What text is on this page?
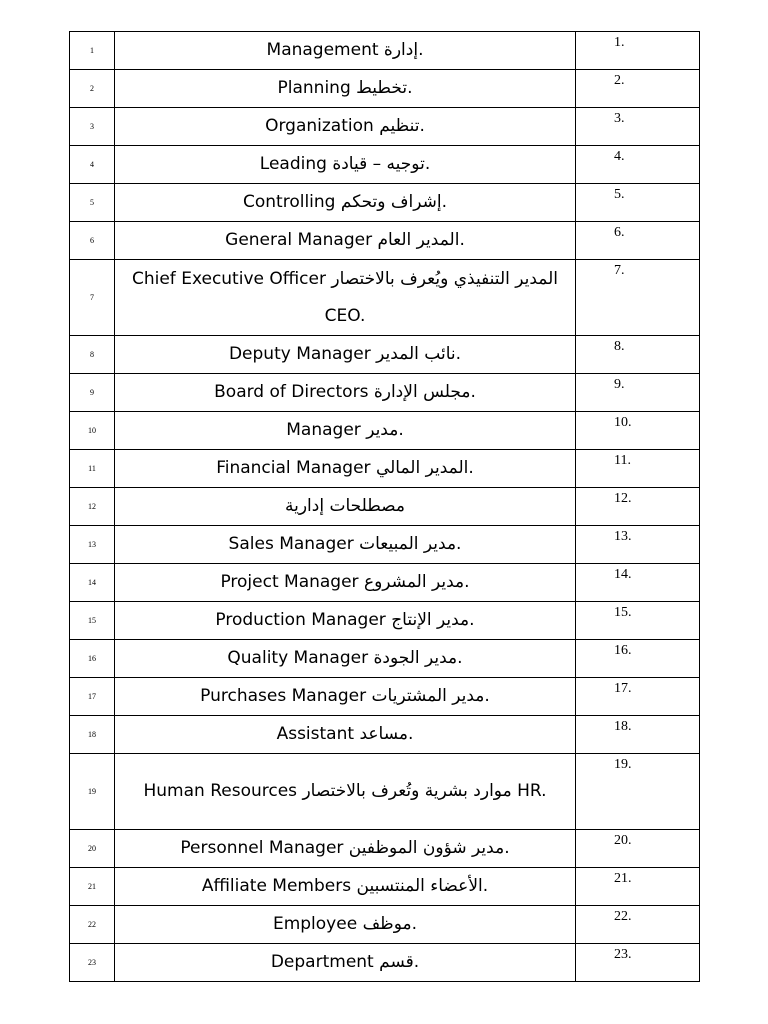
1	Management إدارة.	1.
2	Planning تخطيط.	2.
3	Organization تنظيم.	3.
4	Leading توجيه – قيادة.	4.
5	Controlling إشراف وتحكم.	5.
6	General Manager المدير العام.	6.
7	Chief Executive Officer المدير التنفيذي ويُعرف بالاختصار CEO.	7.
8	Deputy Manager نائب المدير.	8.
9	Board of Directors مجلس الإدارة.	9.
10	Manager مدير.	10.
11	Financial Manager المدير المالي.	11.
12	مصطلحات إدارية	12.
13	Sales Manager مدير المبيعات.	13.
14	Project Manager مدير المشروع.	14.
15	Production Manager مدير الإنتاج.	15.
16	Quality Manager مدير الجودة.	16.
17	Purchases Manager مدير المشتريات.	17.
18	Assistant مساعد.	18.
19	Human Resources موارد بشرية وتُعرف بالاختصار HR.	19.
20	Personnel Manager مدير شؤون الموظفين.	20.
21	Affiliate Members الأعضاء المنتسبين.	21.
22	Employee موظف.	22.
23	Department قسم.	23.
